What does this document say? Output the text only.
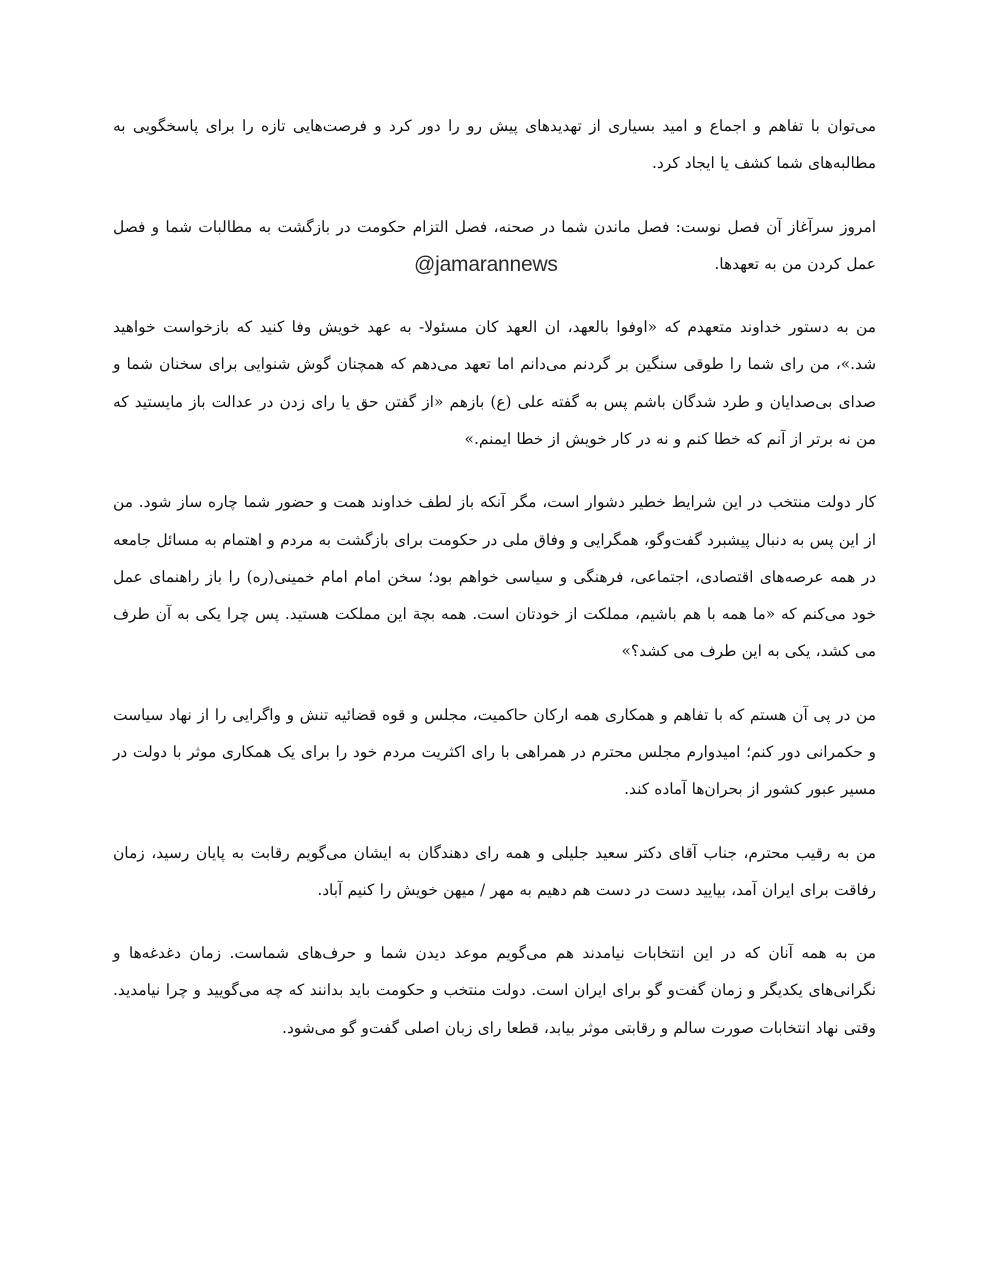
می‌توان با تفاهم و اجماع و امید بسیاری از تهدیدهای پیش رو را دور کرد و فرصت‌هایی تازه را برای پاسخگویی به مطالبه‌های شما کشف یا ایجاد کرد.

امروز سرآغاز آن فصل نوست: فصل ماندن شما در صحنه، فصل التزام حکومت در بازگشت به مطالبات شما و فصل عمل کردن من به تعهدها.

من به دستور خداوند متعهدم که «اوفوا بالعهد، ان العهد کان مسئولا- به عهد خویش وفا کنید که بازخواست خواهید شد.»، من رای شما را طوقی سنگین بر گردنم می‌دانم اما تعهد می‌دهم که همچنان گوش شنوایی برای سخنان شما و صدای بی‌صدایان و طرد شدگان باشم پس به گفته علی (ع) بازهم «از گفتن حق یا رای زدن در عدالت باز مایستید که من نه برتر از آنم که خطا کنم و نه در کار خویش از خطا ایمنم.»

کار دولت منتخب در این شرایط خطیر دشوار است، مگر آنکه باز لطف خداوند همت و حضور شما چاره ساز شود. من از این پس به دنبال پیشبرد گفت‌و‌گو، همگرایی و وفاق ملی در حکومت برای بازگشت به مردم و اهتمام به مسائل جامعه در همه عرصه‌های اقتصادی، اجتماعی، فرهنگی و سیاسی خواهم بود؛ سخن امام امام خمینی(ره) را باز راهنمای عمل خود می‌کنم که «ما همه با هم باشیم، مملکت از خودتان است. همه بچة این مملکت هستید. پس چرا یکی به آن طرف می کشد، یکی به این طرف می کشد؟»

من در پی آن هستم که با تفاهم و همکاری همه ارکان حاکمیت، مجلس و قوه قضائیه تنش و واگرایی را از نهاد سیاست و حکمرانی دور کنم؛ امیدوارم مجلس محترم در همراهی با رای اکثریت مردم خود را برای یک همکاری موثر با دولت در مسیر عبور کشور از بحران‌ها آماده کند.

من به رقیب محترم، جناب آقای دکتر سعید جلیلی و همه رای دهندگان به ایشان می‌گویم رقابت به پایان رسید، زمان رفاقت برای ایران آمد، بیایید دست در دست هم دهیم به مهر / میهن خویش را کنیم آباد.

من به همه آنان که در این انتخابات نیامدند هم می‌گویم موعد دیدن شما و حرف‌های شماست. زمان دغدغه‌ها و نگرانی‌های یکدیگر و زمان گفت‌و گو برای ایران است. دولت منتخب و حکومت باید بدانند که چه می‌گویید و چرا نیامدید. وقتی نهاد انتخابات صورت سالم و رقابتی موثر بیابد، قطعا رای زبان اصلی گفت‌و گو می‌شود.

@jamarannews
